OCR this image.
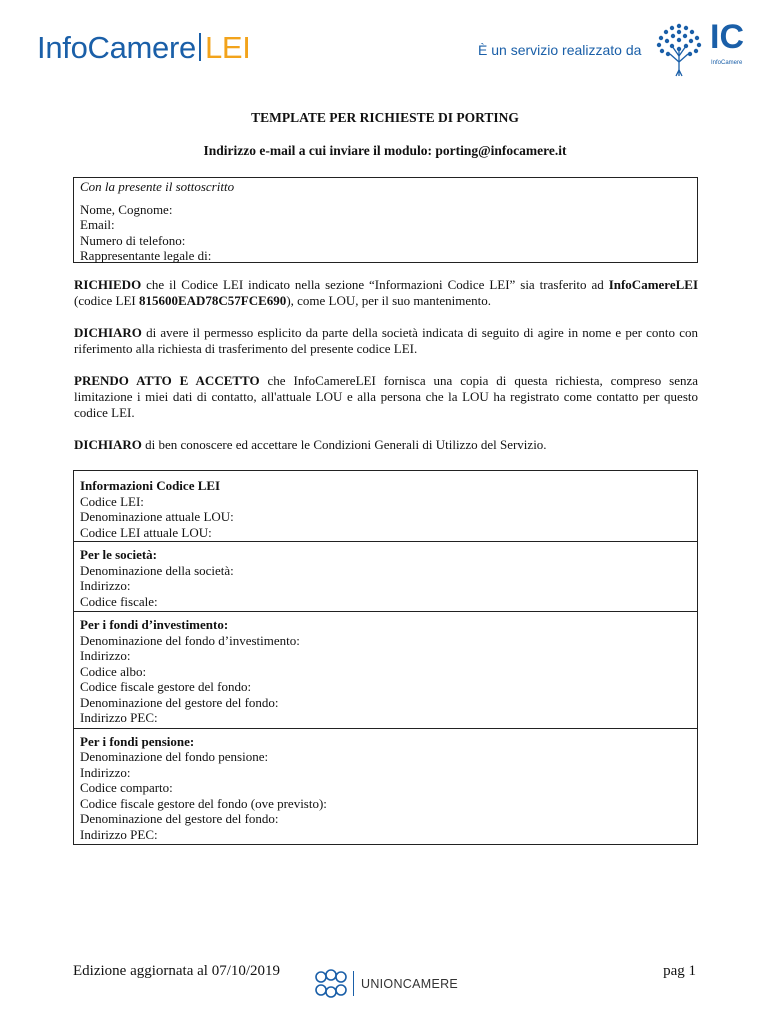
InfoCamere LEI	È un servizio realizzato da IC
InfoCamere
TEMPLATE PER RICHIESTE DI PORTING
Indirizzo e-mail a cui inviare il modulo: porting@infocamere.it
Con la presente il sottoscritto
Nome, Cognome:
Email:
Numero di telefono:
Rappresentante legale di:
RICHIEDO che il Codice LEI indicato nella sezione “Informazioni Codice LEI” sia trasferito ad InfoCamereLEI (codice LEI 815600EAD78C57FCE690), come LOU, per il suo mantenimento.
DICHIARO di avere il permesso esplicito da parte della società indicata di seguito di agire in nome e per conto con riferimento alla richiesta di trasferimento del presente codice LEI.
PRENDO ATTO E ACCETTO che InfoCamereLEI fornisca una copia di questa richiesta, compreso senza limitazione i miei dati di contatto, all'attuale LOU e alla persona che la LOU ha registrato come contatto per questo codice LEI.
DICHIARO di ben conoscere ed accettare le Condizioni Generali di Utilizzo del Servizio.
Informazioni Codice LEI
Codice LEI:
Denominazione attuale LOU:
Codice LEI attuale LOU:
Per le società:
Denominazione della società:
Indirizzo:
Codice fiscale:
Per i fondi d’investimento:
Denominazione del fondo d’investimento:
Indirizzo:
Codice albo:
Codice fiscale gestore del fondo:
Denominazione del gestore del fondo:
Indirizzo PEC:
Per i fondi pensione:
Denominazione del fondo pensione:
Indirizzo:
Codice comparto:
Codice fiscale gestore del fondo (ove previsto):
Denominazione del gestore del fondo:
Indirizzo PEC:
Edizione aggiornata al 07/10/2019
UNIONCAMERE
pag 1
